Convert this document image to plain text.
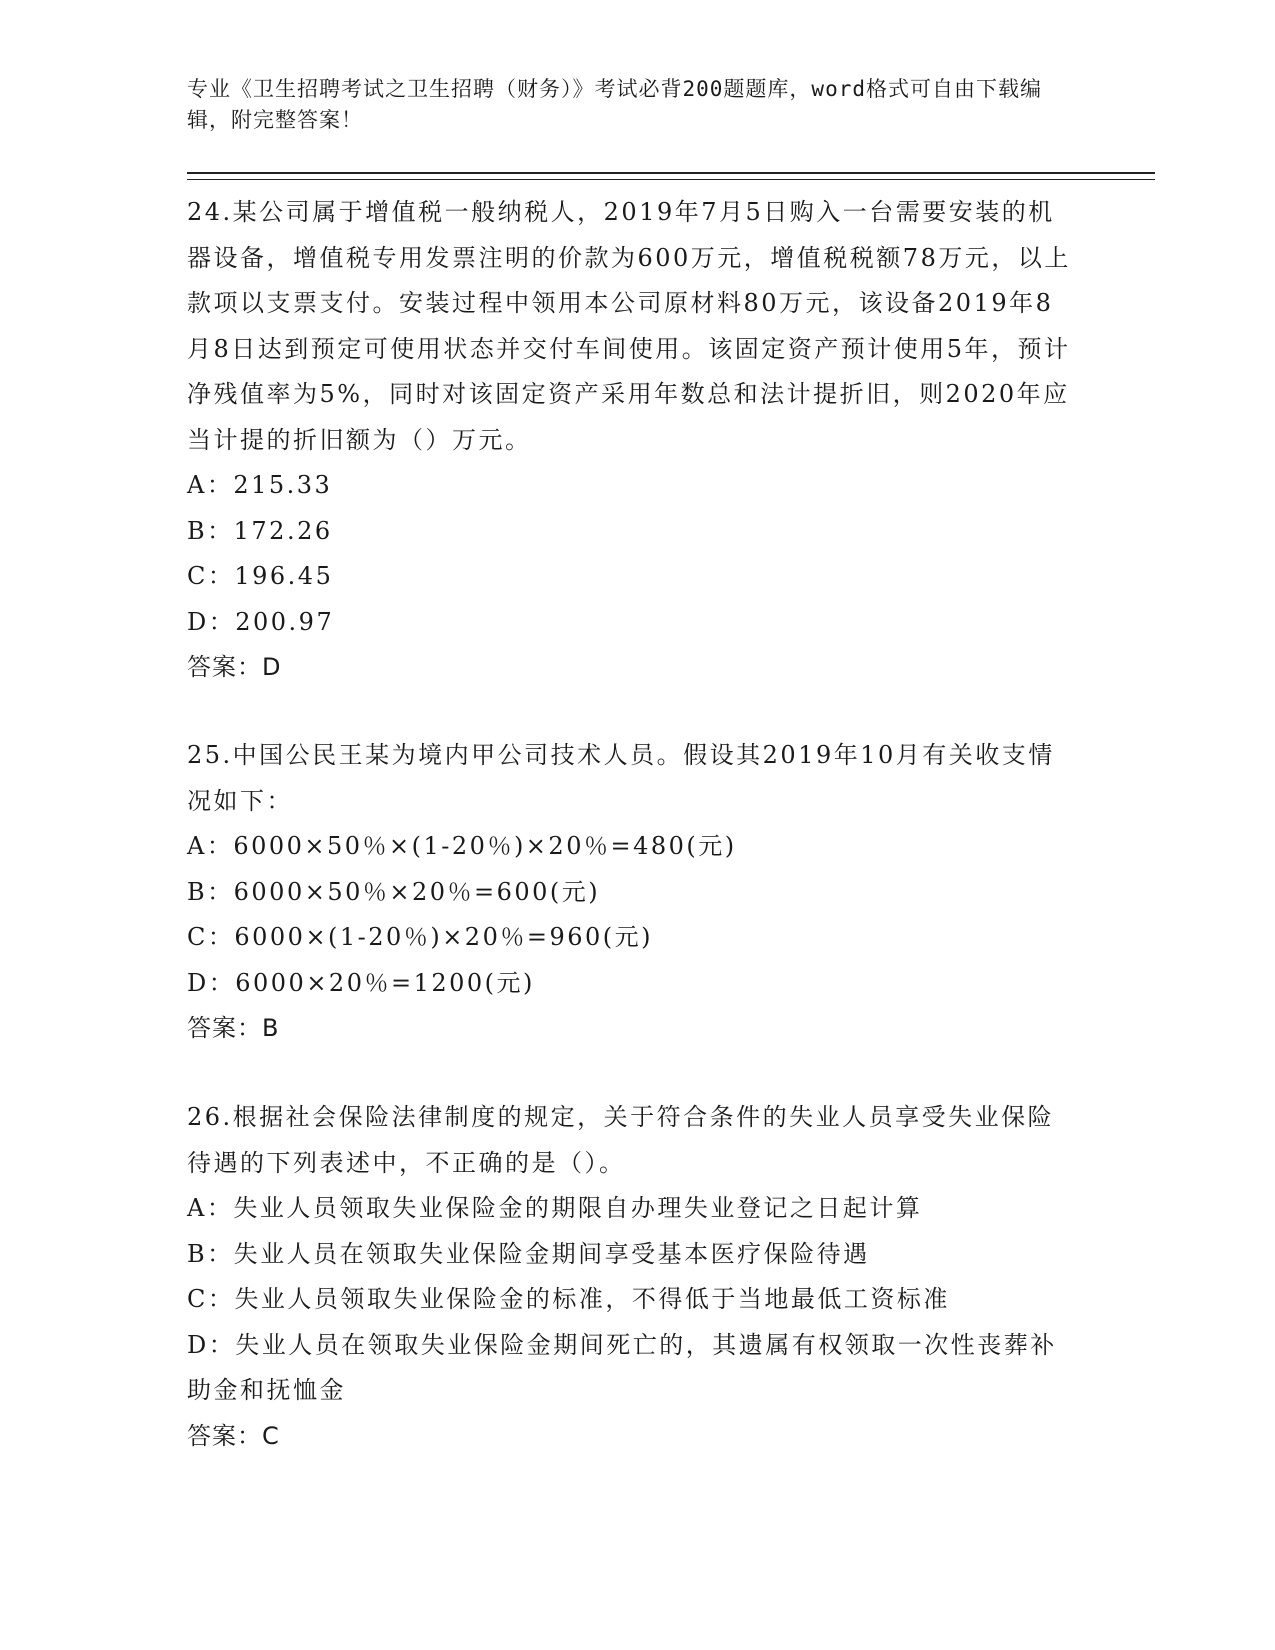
专业《卫生招聘考试之卫生招聘（财务）》考试必背200题题库，word格式可自由下载编辑，附完整答案！

24.某公司属于增值税一般纳税人，2019年7月5日购入一台需要安装的机器设备，增值税专用发票注明的价款为600万元，增值税税额78万元，以上款项以支票支付。安装过程中领用本公司原材料80万元，该设备2019年8月8日达到预定可使用状态并交付车间使用。该固定资产预计使用5年，预计净残值率为5%，同时对该固定资产采用年数总和法计提折旧，则2020年应当计提的折旧额为（）万元。

A：215.33

B：172.26

C：196.45

D：200.97

答案：D

25.中国公民王某为境内甲公司技术人员。假设其2019年10月有关收支情况如下：

A：6000×50％×(1-20％)×20％=480(元)

B：6000×50％×20％=600(元)

C：6000×(1-20％)×20％=960(元)

D：6000×20％=1200(元)

答案：B

26.根据社会保险法律制度的规定，关于符合条件的失业人员享受失业保险待遇的下列表述中，不正确的是（）。

A：失业人员领取失业保险金的期限自办理失业登记之日起计算

B：失业人员在领取失业保险金期间享受基本医疗保险待遇

C：失业人员领取失业保险金的标准，不得低于当地最低工资标准

D：失业人员在领取失业保险金期间死亡的，其遗属有权领取一次性丧葬补助金和抚恤金

答案：C
